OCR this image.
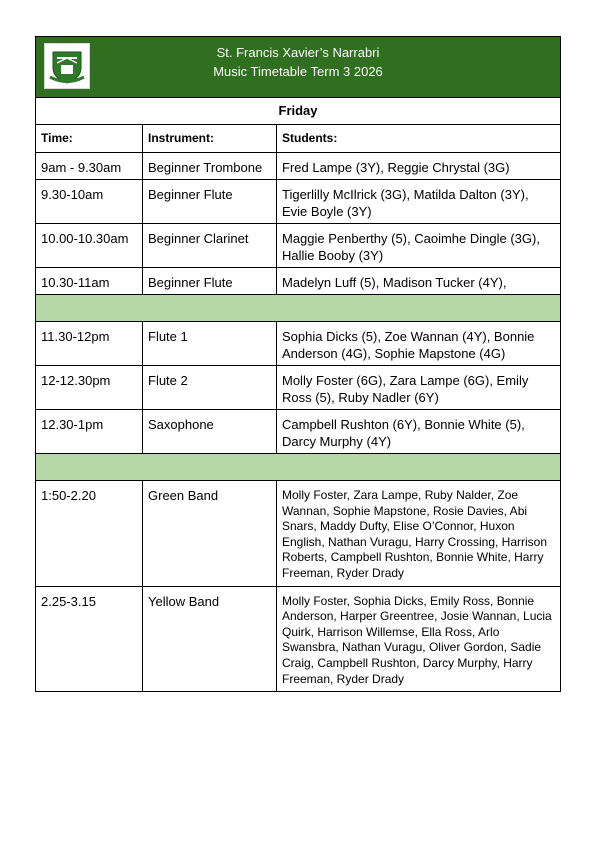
St. Francis Xavier’s Narrabri
Music Timetable Term 3 2026		

Friday		
Time:	Instrument:	Students:
9am - 9.30am	Beginner Trombone	Fred Lampe (3Y), Reggie Chrystal (3G)
9.30-10am	Beginner Flute	Tigerlilly McIlrick (3G), Matilda Dalton (3Y), Evie Boyle (3Y)
10.00-10.30am	Beginner Clarinet	Maggie Penberthy (5), Caoimhe Dingle (3G), Hallie Booby (3Y)
10.30-11am	Beginner Flute	Madelyn Luff (5), Madison Tucker (4Y),

11.30-12pm	Flute 1	Sophia Dicks (5), Zoe Wannan (4Y), Bonnie Anderson (4G), Sophie Mapstone (4G)
12-12.30pm	Flute 2	Molly Foster (6G), Zara Lampe (6G), Emily Ross (5), Ruby Nadler (6Y)
12.30-1pm	Saxophone	Campbell Rushton (6Y), Bonnie White (5), Darcy Murphy (4Y)

1:50-2.20	Green Band	Molly Foster, Zara Lampe, Ruby Nalder, Zoe Wannan, Sophie Mapstone, Rosie Davies, Abi Snars, Maddy Dufty, Elise O’Connor, Huxon English, Nathan Vuragu, Harry Crossing, Harrison Roberts, Campbell Rushton, Bonnie White, Harry Freeman, Ryder Drady
2.25-3.15	Yellow Band	Molly Foster, Sophia Dicks, Emily Ross, Bonnie Anderson, Harper Greentree, Josie Wannan, Lucia Quirk, Harrison Willemse, Ella Ross, Arlo Swansbra, Nathan Vuragu, Oliver Gordon, Sadie Craig, Campbell Rushton, Darcy Murphy, Harry Freeman, Ryder Drady
